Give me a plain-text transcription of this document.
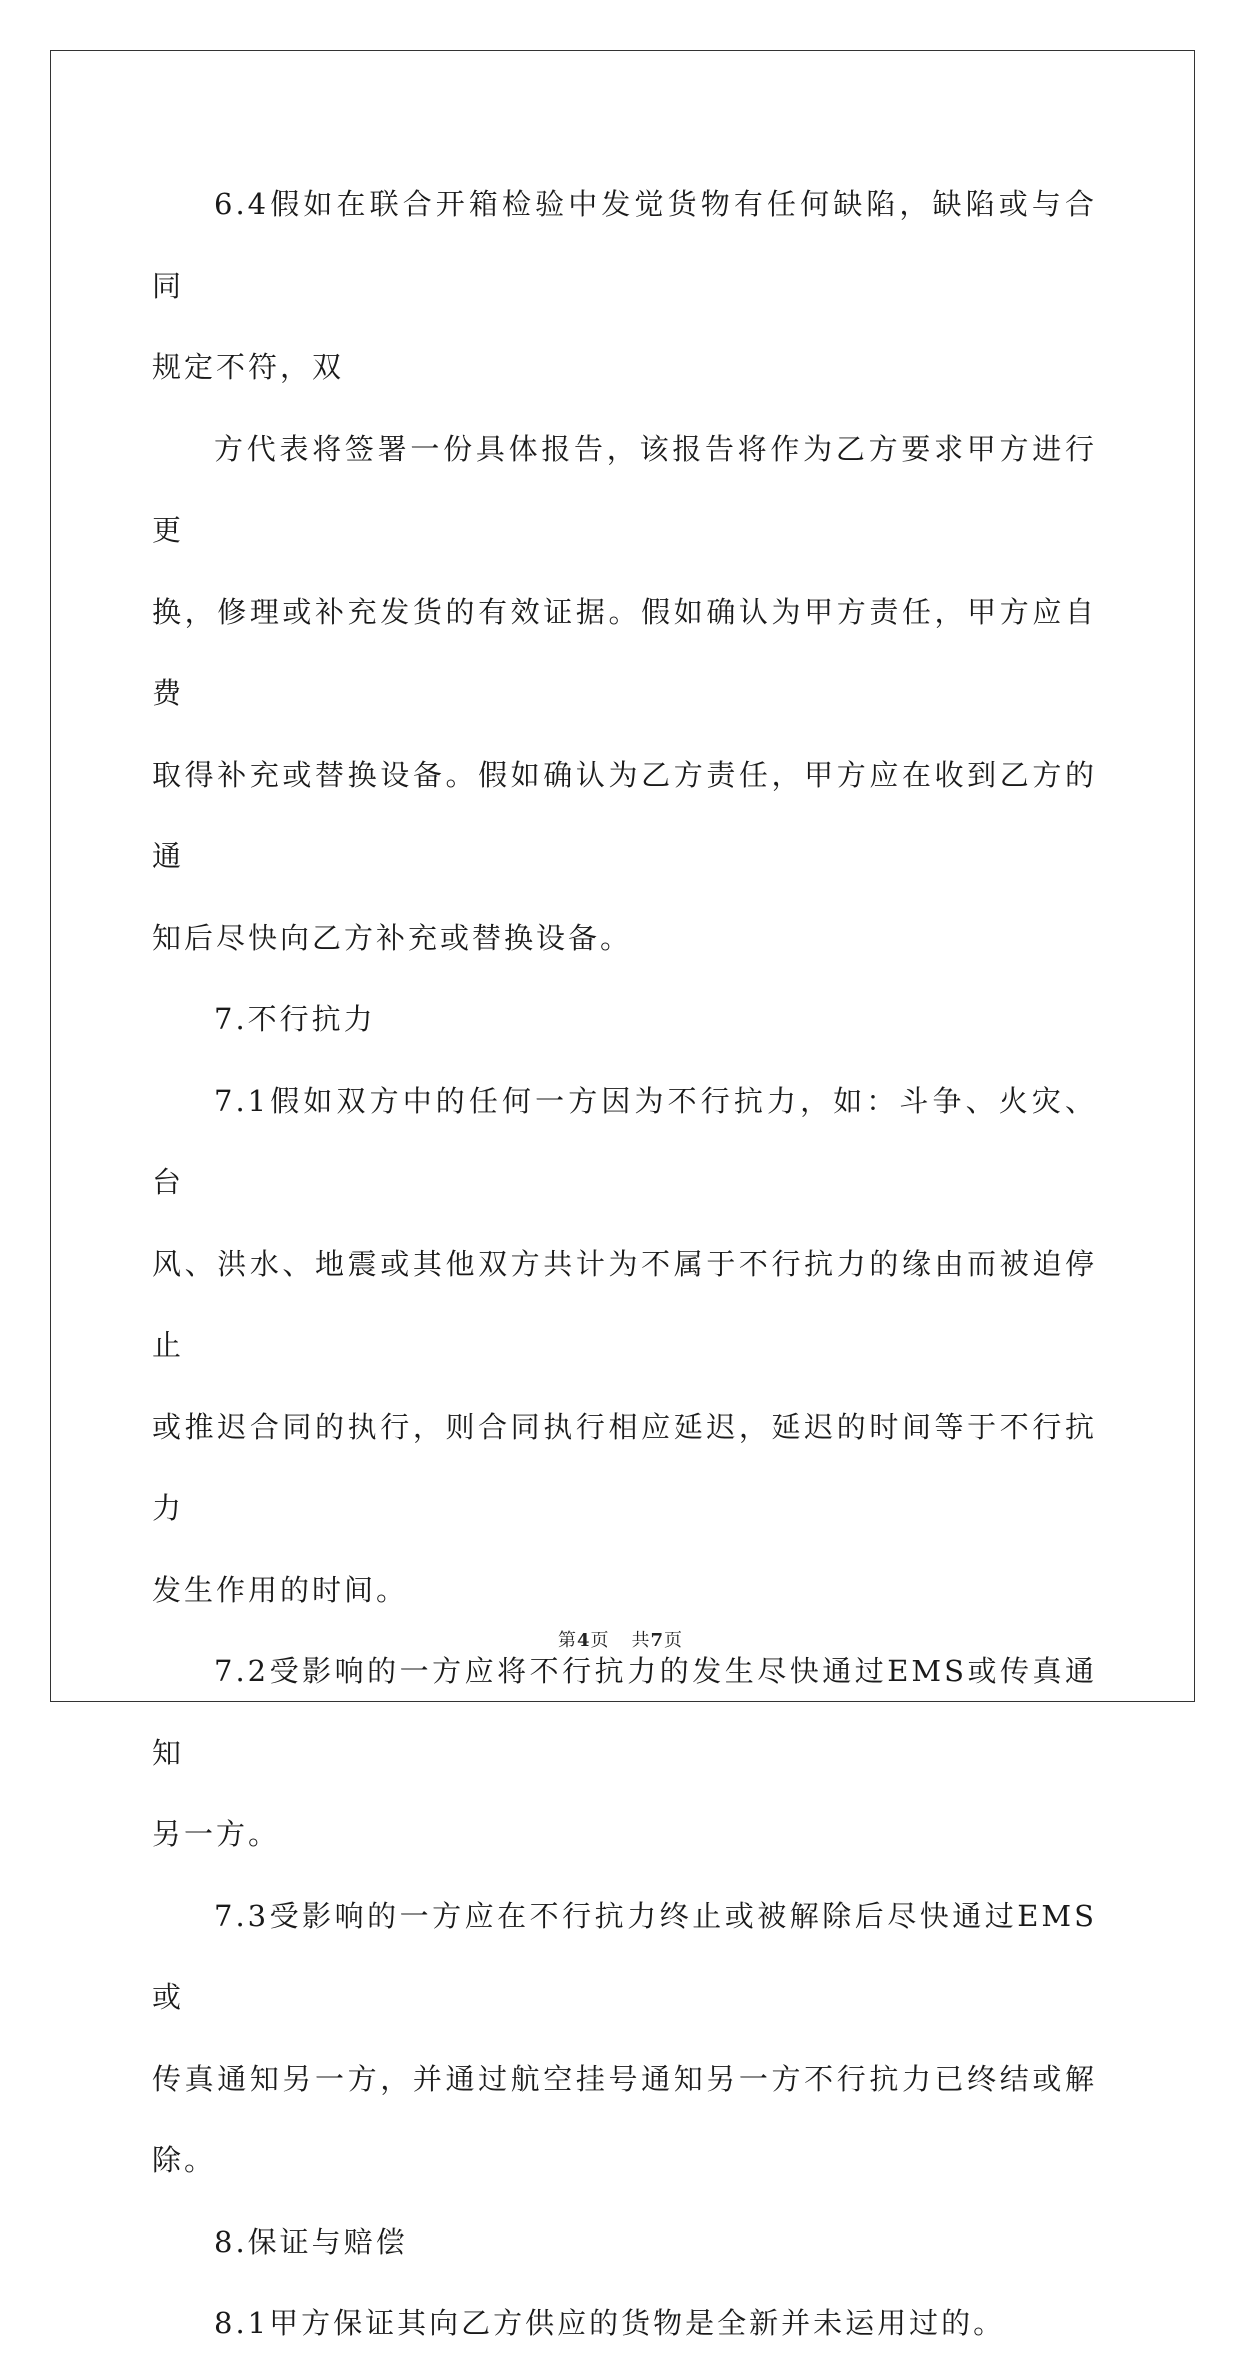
6.4假如在联合开箱检验中发觉货物有任何缺陷，缺陷或与合同
规定不符，双

方代表将签署一份具体报告，该报告将作为乙方要求甲方进行更
换，修理或补充发货的有效证据。假如确认为甲方责任，甲方应自费
取得补充或替换设备。假如确认为乙方责任，甲方应在收到乙方的通
知后尽快向乙方补充或替换设备。

7.不行抗力

7.1假如双方中的任何一方因为不行抗力，如：斗争、火灾、台
风、洪水、地震或其他双方共计为不属于不行抗力的缘由而被迫停止
或推迟合同的执行，则合同执行相应延迟，延迟的时间等于不行抗力
发生作用的时间。

7.2受影响的一方应将不行抗力的发生尽快通过EMS或传真通知
另一方。

7.3受影响的一方应在不行抗力终止或被解除后尽快通过EMS或
传真通知另一方，并通过航空挂号通知另一方不行抗力已终结或解除。

8.保证与赔偿

8.1甲方保证其向乙方供应的货物是全新并未运用过的。

第4页 共7页
